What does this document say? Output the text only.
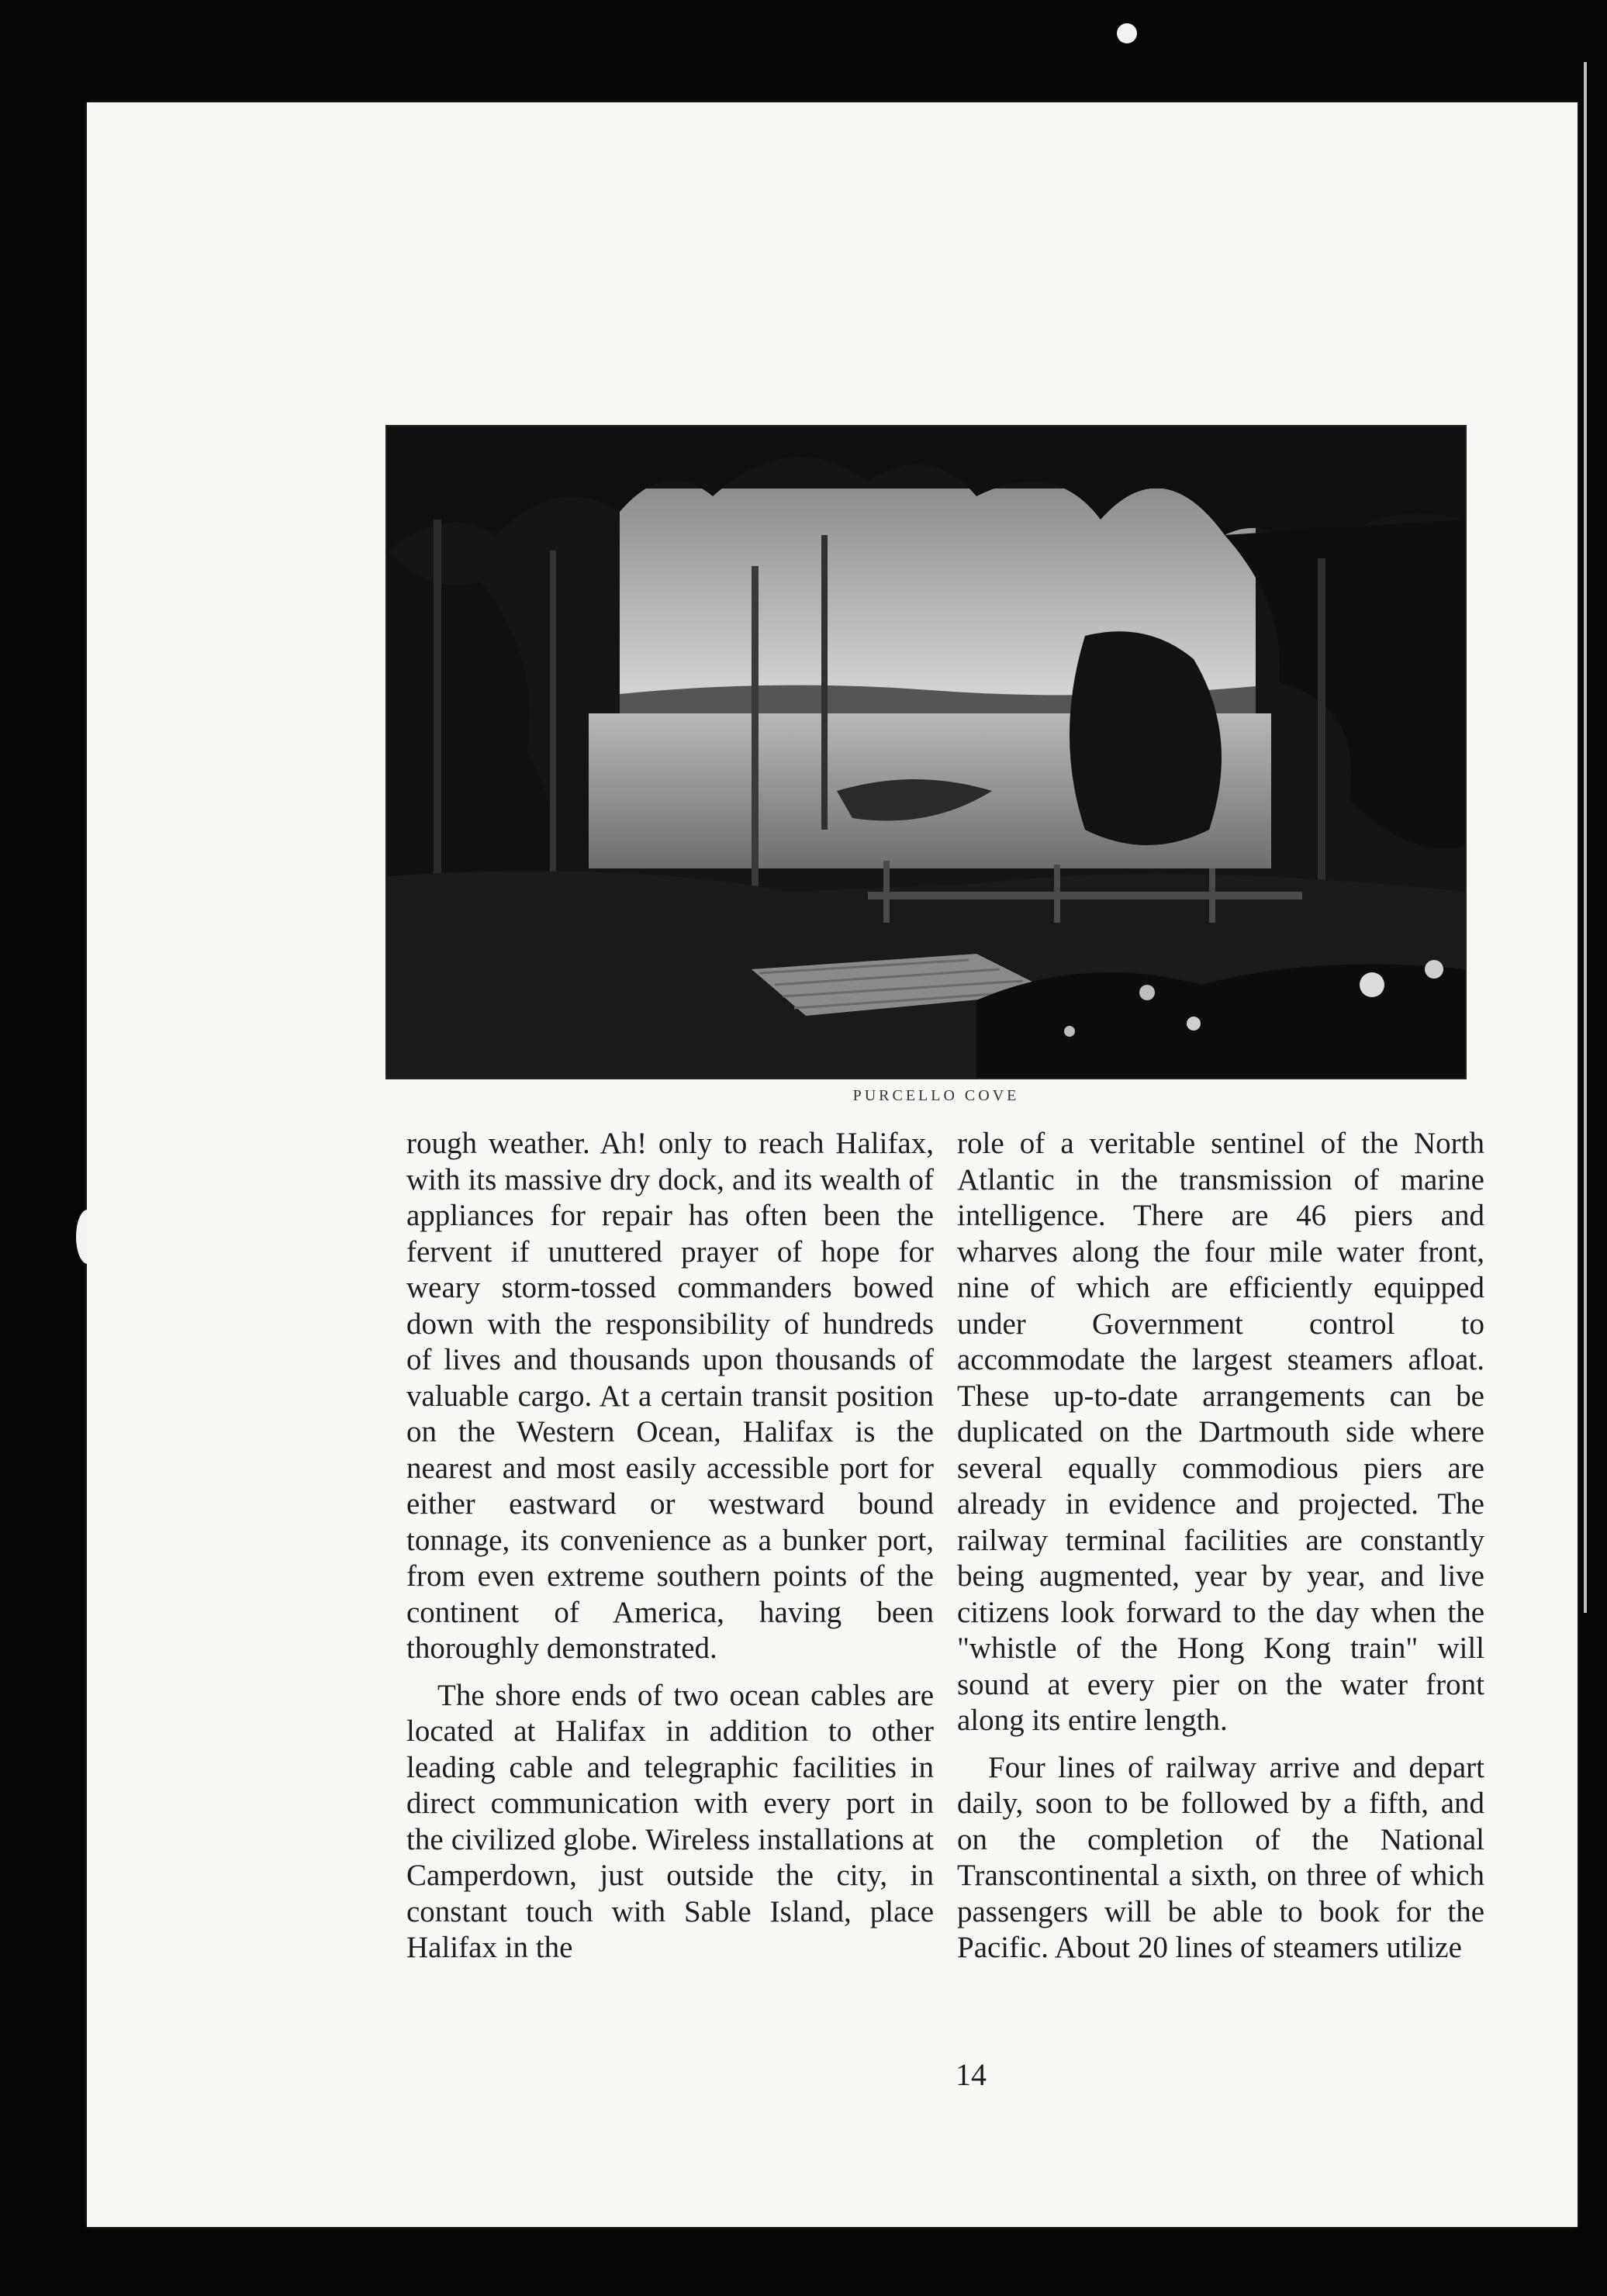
PURCELLO COVE

rough weather. Ah! only to reach Halifax, with its massive dry dock, and its wealth of appliances for repair has often been the fervent if unuttered prayer of hope for weary storm-tossed commanders bowed down with the responsibility of hundreds of lives and thousands upon thousands of valuable cargo. At a certain transit position on the Western Ocean, Halifax is the nearest and most easily accessible port for either eastward or westward bound tonnage, its convenience as a bunker port, from even extreme southern points of the continent of America, having been thoroughly demonstrated.

The shore ends of two ocean cables are located at Halifax in addition to other leading cable and telegraphic facilities in direct communication with every port in the civilized globe. Wireless installations at Camperdown, just outside the city, in constant touch with Sable Island, place Halifax in the

role of a veritable sentinel of the North Atlantic in the transmission of marine intelligence. There are 46 piers and wharves along the four mile water front, nine of which are efficiently equipped under Government control to accommodate the largest steamers afloat. These up-to-date arrangements can be duplicated on the Dartmouth side where several equally commodious piers are already in evidence and projected. The railway terminal facilities are constantly being augmented, year by year, and live citizens look forward to the day when the "whistle of the Hong Kong train" will sound at every pier on the water front along its entire length.

Four lines of railway arrive and depart daily, soon to be followed by a fifth, and on the completion of the National Transcontinental a sixth, on three of which passengers will be able to book for the Pacific. About 20 lines of steamers utilize

14
